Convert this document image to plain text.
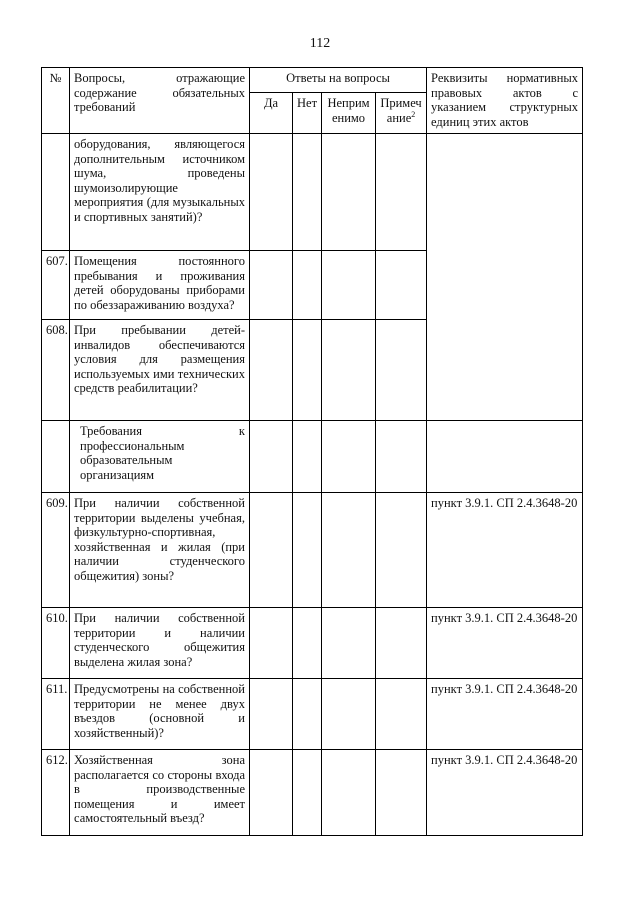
112
№	Вопросы, отражающие содержание обязательных требований	Ответы на вопросы				Реквизиты нормативных правовых актов с указанием структурных единиц этих актов
		Да	Нет	Неприм енимо	Примеч ание$^2$

	оборудования, являющегося дополнительным источником шума, проведены шумоизолирующие мероприятия (для музыкальных и спортивных занятий)?					

607.	Помещения постоянного пребывания и проживания детей оборудованы приборами по обеззараживанию воздуха?					

608.	При пребывании детей-инвалидов обеспечиваются условия для размещения используемых ими технических средств реабилитации?					

	Требования к профессиональным образовательным организациям					

609.	При наличии собственной территории выделены учебная, физкультурно-спортивная, хозяйственная и жилая (при наличии студенческого общежития) зоны?					пункт 3.9.1. СП 2.4.3648-20
610.	При наличии собственной территории и наличии студенческого общежития выделена жилая зона?					пункт 3.9.1. СП 2.4.3648-20
611.	Предусмотрены на собственной территории не менее двух въездов (основной и хозяйственный)?					пункт 3.9.1. СП 2.4.3648-20
612.	Хозяйственная зона располагается со стороны входа в производственные помещения и имеет самостоятельный въезд?					пункт 3.9.1. СП 2.4.3648-20
